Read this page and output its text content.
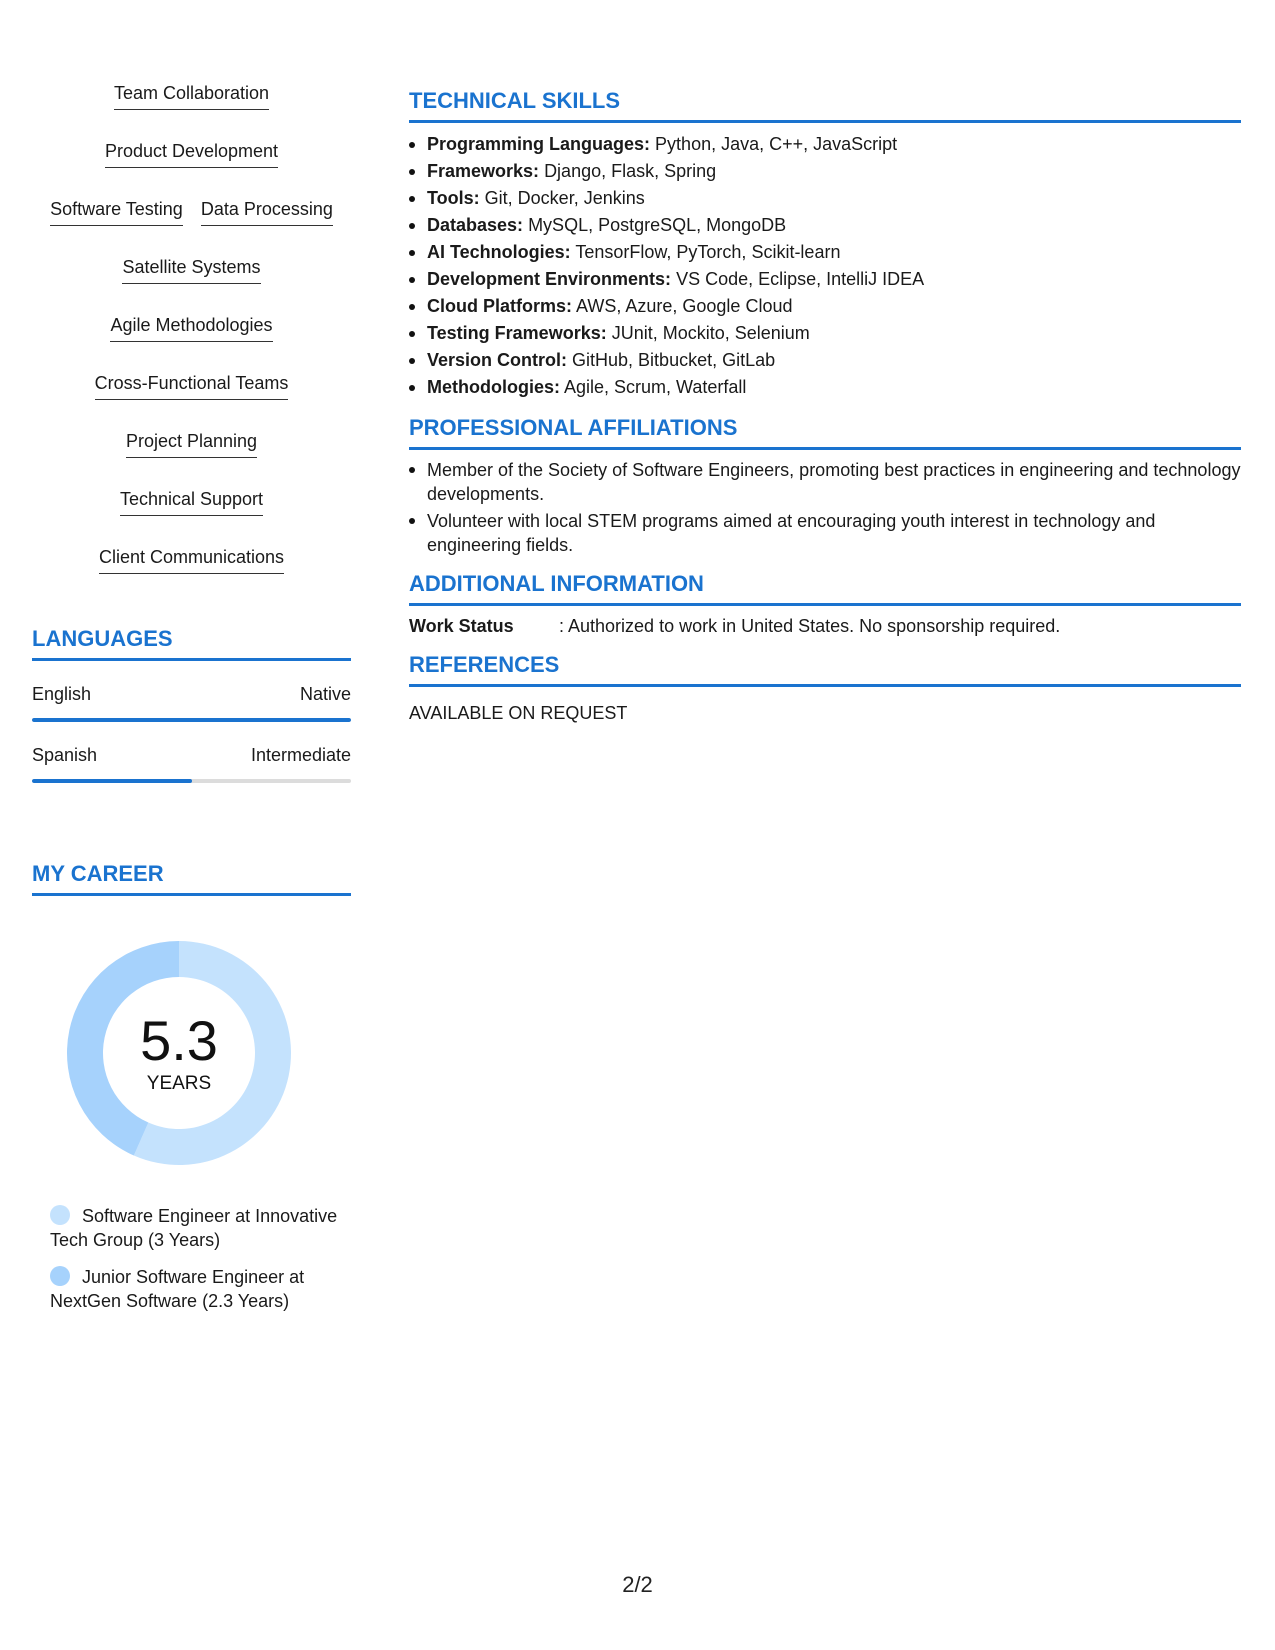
Team Collaboration
Product Development
Software Testing Data Processing
Satellite Systems
Agile Methodologies
Cross-Functional Teams
Project Planning
Technical Support
Client Communications
LANGUAGES
English	Native
Spanish	Intermediate
MY CAREER
5.3
YEARS
Software Engineer at Innovative Tech Group (3 Years)
Junior Software Engineer at NextGen Software (2.3 Years)
TECHNICAL SKILLS
Programming Languages: Python, Java, C++, JavaScript
Frameworks: Django, Flask, Spring
Tools: Git, Docker, Jenkins
Databases: MySQL, PostgreSQL, MongoDB
AI Technologies: TensorFlow, PyTorch, Scikit-learn
Development Environments: VS Code, Eclipse, IntelliJ IDEA
Cloud Platforms: AWS, Azure, Google Cloud
Testing Frameworks: JUnit, Mockito, Selenium
Version Control: GitHub, Bitbucket, GitLab
Methodologies: Agile, Scrum, Waterfall
PROFESSIONAL AFFILIATIONS
Member of the Society of Software Engineers, promoting best practices in engineering and technology developments.
Volunteer with local STEM programs aimed at encouraging youth interest in technology and engineering fields.
ADDITIONAL INFORMATION
Work Status	: Authorized to work in United States. No sponsorship required.
REFERENCES
AVAILABLE ON REQUEST
2/2
